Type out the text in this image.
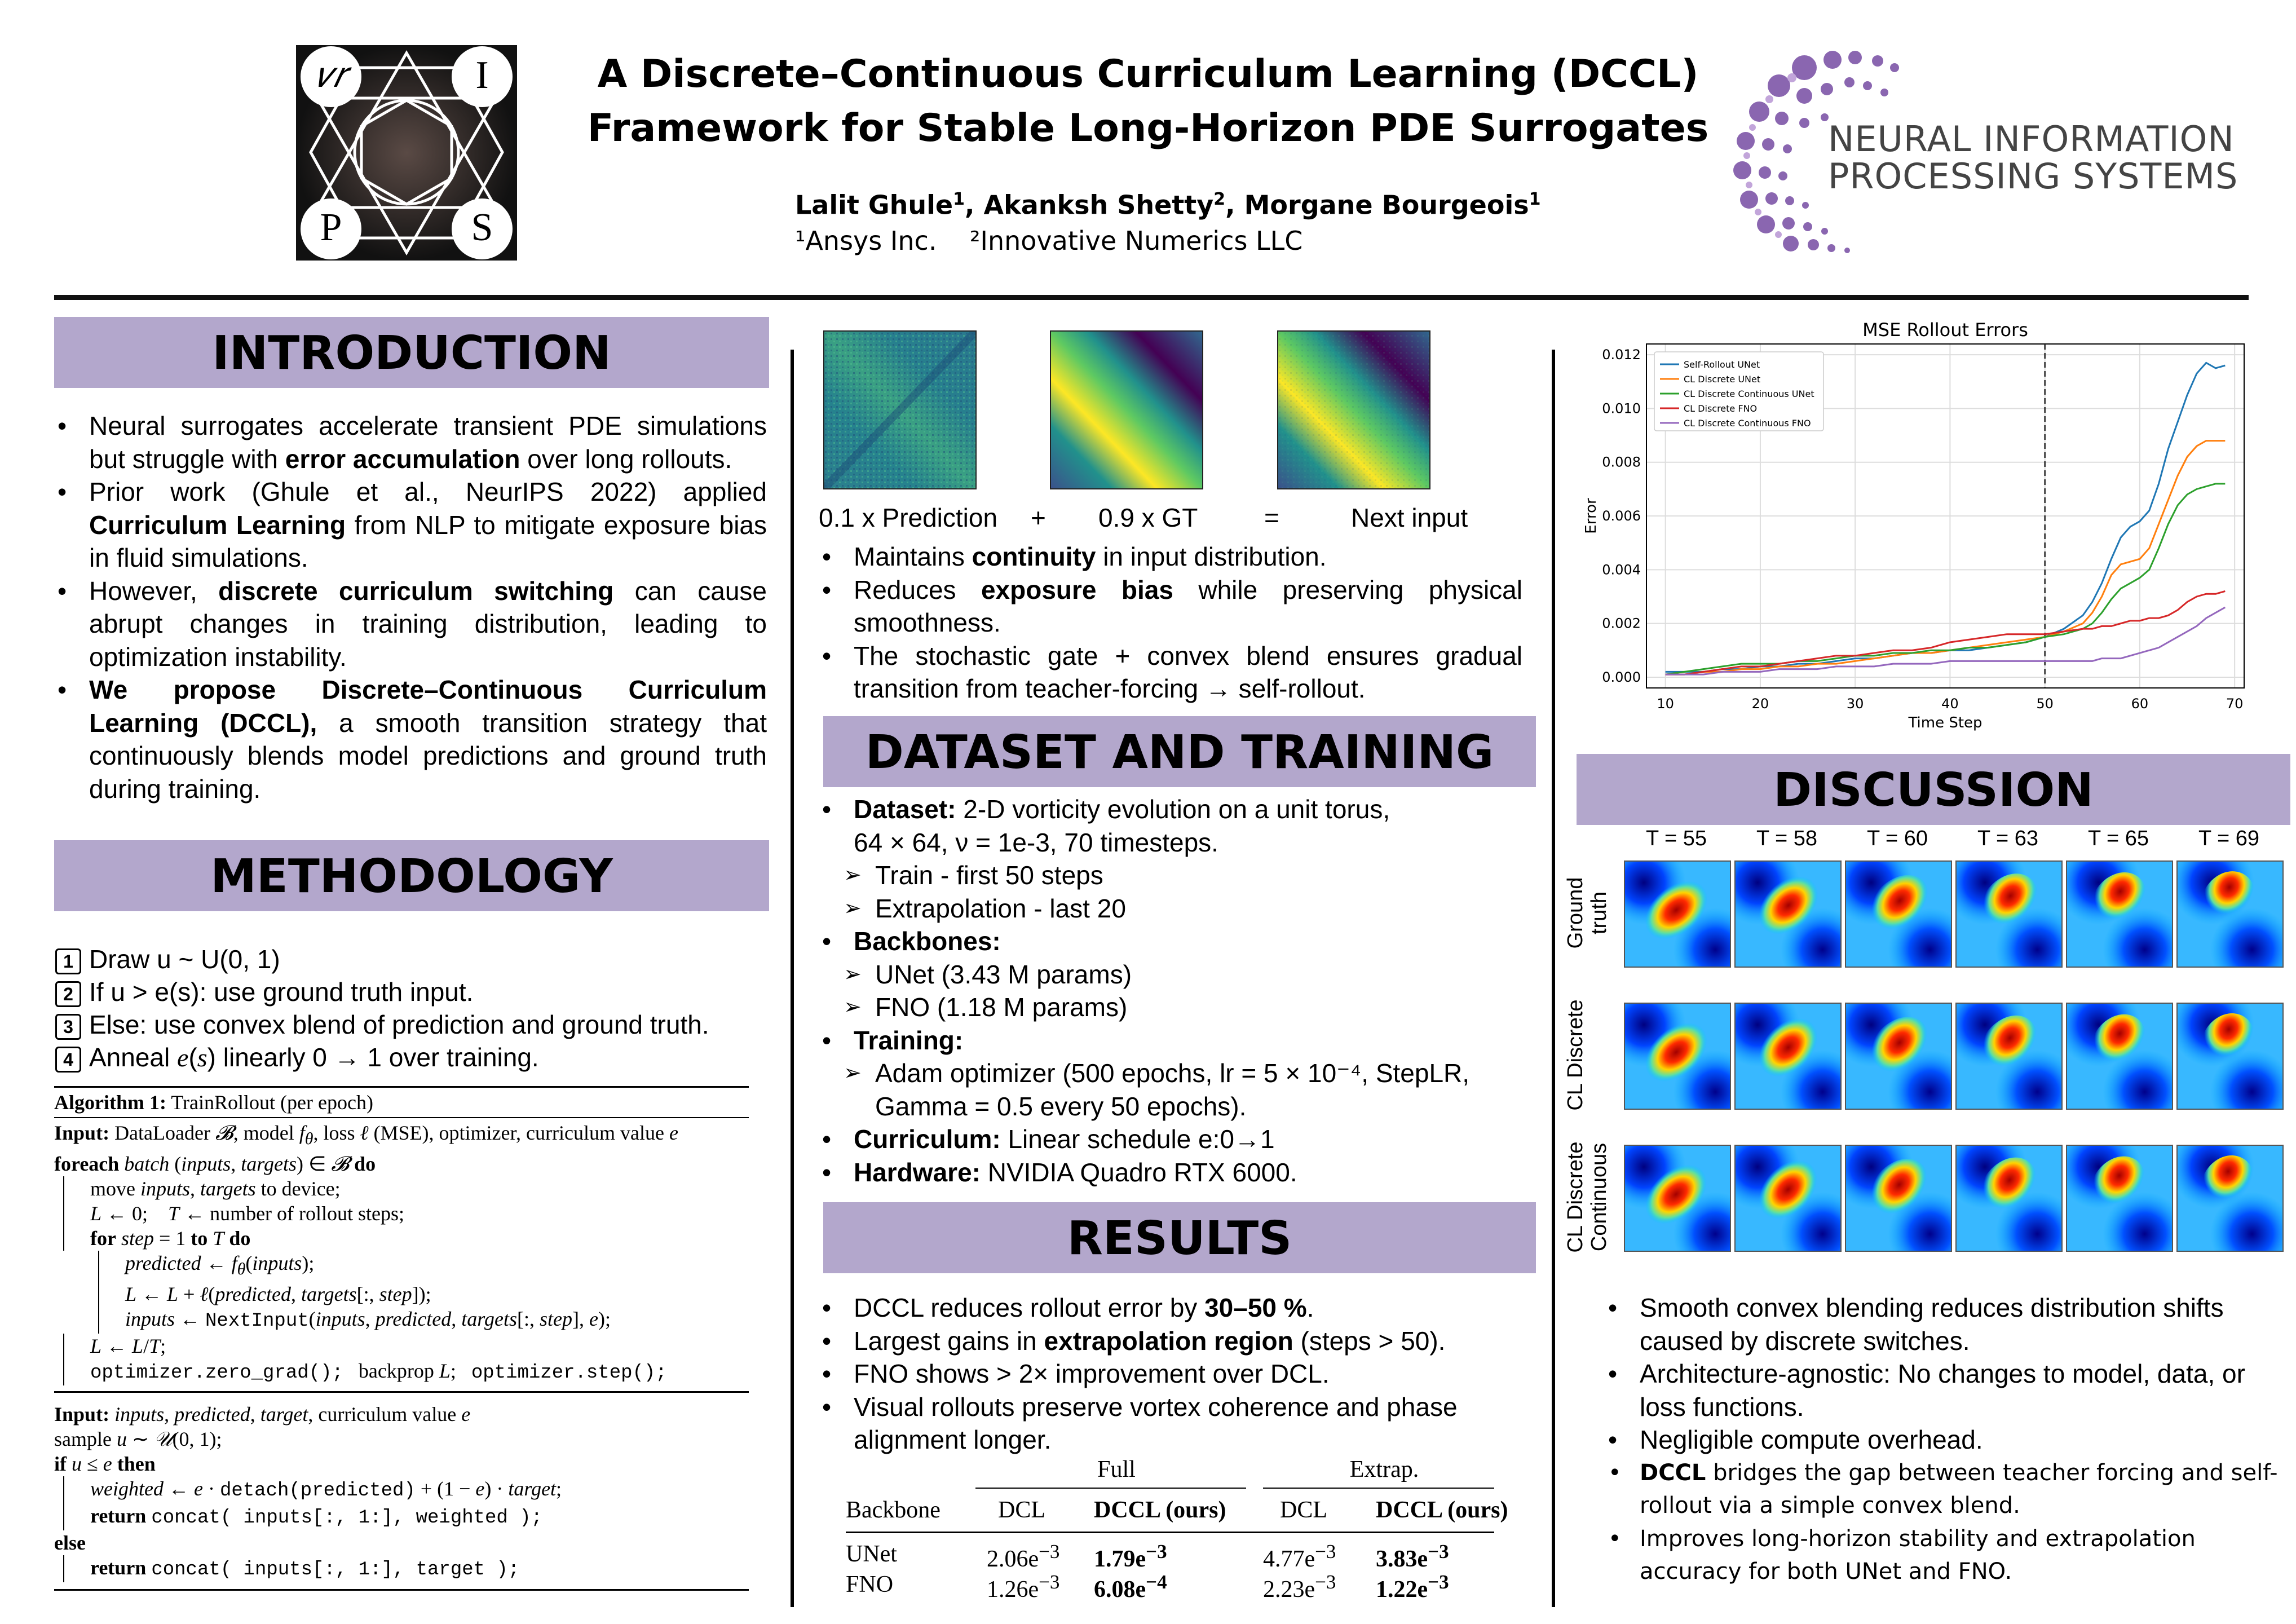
𝜈𝑟	I
P	S
A Discrete–Continuous Curriculum Learning (DCCL)
Framework for Stable Long-Horizon PDE Surrogates
Lalit Ghule$^1$, Akanksh Shetty$^2$, Morgane Bourgeois$^1$
¹Ansys Inc.    ²Innovative Numerics LLC
NEURAL INFORMATION
PROCESSING SYSTEMS
INTRODUCTION
• Neural surrogates accelerate transient PDE simulations but struggle with error accumulation over long rollouts.
• Prior work (Ghule et al., NeurIPS 2022) applied Curriculum Learning from NLP to mitigate exposure bias in fluid simulations.
• However, discrete curriculum switching can cause abrupt changes in training distribution, leading to optimization instability.
• We propose Discrete–Continuous Curriculum Learning (DCCL), a smooth transition strategy that continuously blends model predictions and ground truth during training.
METHODOLOGY
1 Draw u ~ U(0, 1)
2 If u > e(s): use ground truth input.
3 Else: use convex blend of prediction and ground truth.
4 Anneal e(s) linearly 0 → 1 over training.
Algorithm 1: TrainRollout (per epoch)
Input: DataLoader 𝓑, model $f_\theta$, loss ℓ (MSE), optimizer, curriculum value e
foreach batch (inputs, targets) ∈ 𝓑 do
move inputs, targets to device;
L ← 0;    T ← number of rollout steps;
for step = 1 to T do
predicted ← $f_\theta(inputs)$;
L ← L + ℓ(predicted, targets[:, step]);
inputs ← NextInput(inputs, predicted, targets[:, step], e);
L ← L/T;
optimizer.zero_grad();   backprop L;   optimizer.step();
Input: inputs, predicted, target, curriculum value e
sample u ∼ 𝒰(0, 1);
if u ≤ e then
weighted ← e · detach(predicted) + (1 − e) · target;
return concat( inputs[:, 1:], weighted );
else
return concat( inputs[:, 1:], target );
0.1 x Prediction + 0.9 x GT	=	Next input
• Maintains continuity in input distribution.
• Reduces exposure bias while preserving physical smoothness.
• The stochastic gate + convex blend ensures gradual transition from teacher-forcing → self-rollout.
DATASET AND TRAINING
• Dataset: 2-D vorticity evolution on a unit torus,
64 × 64, ν = 1e-3, 70 timesteps.
➢ Train - first 50 steps
➢ Extrapolation - last 20
• Backbones:
➢ UNet (3.43 M params)
➢ FNO (1.18 M params)
• Training:
➢ Adam optimizer (500 epochs, lr = 5 × 10⁻⁴, StepLR, Gamma = 0.5 every 50 epochs).
• Curriculum: Linear schedule e:0→1
• Hardware: NVIDIA Quadro RTX 6000.
RESULTS
• DCCL reduces rollout error by 30–50 %.
• Largest gains in extrapolation region (steps > 50).
• FNO shows > 2× improvement over DCL.
• Visual rollouts preserve vortex coherence and phase alignment longer.
Full	Extrap.
Backbone DCL DCCL (ours) DCL DCCL (ours)
UNet	$2.06e^{-3}$ $1.79e^{-3}$	$4.77e^{-3}$ $3.83e^{-3}$
FNO	$1.26e^{-3}$ $6.08e^{-4}$	$2.23e^{-3}$ $1.22e^{-3}$
MSE Rollout Errors
10	20	30	40	50	60	70
0.000
0.002
0.004
0.006
0.008
0.010
0.012
Time Step
Error
Self-Rollout UNet
CL Discrete UNet
CL Discrete Continuous UNet
CL Discrete FNO
CL Discrete Continuous FNO
DISCUSSION
T = 55	T = 58	T = 60	T = 63	T = 65	T = 69
Ground truth
CL Discrete
CL Discrete Continuous
• Smooth convex blending reduces distribution shifts caused by discrete switches.
• Architecture-agnostic: No changes to model, data, or loss functions.
• Negligible compute overhead.
• DCCL bridges the gap between teacher forcing and self-rollout via a simple convex blend.
• Improves long-horizon stability and extrapolation accuracy for both UNet and FNO.
